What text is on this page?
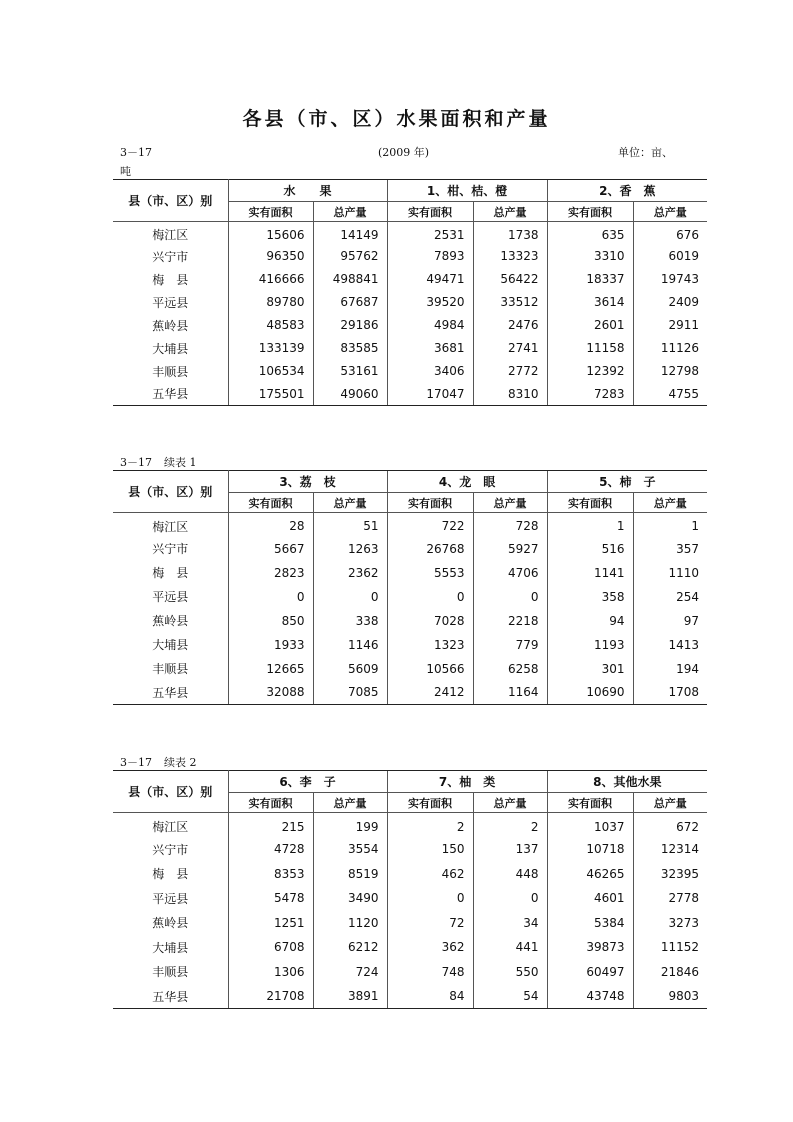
各县（市、区）水果面积和产量
3－17	(2009 年)	单位：亩、
吨
3－17 续表 1
3－17 续表 2
县（市、区）别	水　　果		1、柑、桔、橙		2、香　蕉	
	实有面积	总产量	实有面积	总产量	实有面积	总产量
梅江区	15606	14149	2531	1738	635	676
兴宁市	96350	95762	7893	13323	3310	6019
梅　县	416666	498841	49471	56422	18337	19743
平远县	89780	67687	39520	33512	3614	2409
蕉岭县	48583	29186	4984	2476	2601	2911
大埔县	133139	83585	3681	2741	11158	11126
丰顺县	106534	53161	3406	2772	12392	12798
五华县	175501	49060	17047	8310	7283	4755
县（市、区）别	3、荔　枝		4、龙　眼		5、柿　子	
	实有面积	总产量	实有面积	总产量	实有面积	总产量
梅江区	28	51	722	728	1	1
兴宁市	5667	1263	26768	5927	516	357
梅　县	2823	2362	5553	4706	1141	1110
平远县	0	0	0	0	358	254
蕉岭县	850	338	7028	2218	94	97
大埔县	1933	1146	1323	779	1193	1413
丰顺县	12665	5609	10566	6258	301	194
五华县	32088	7085	2412	1164	10690	1708
县（市、区）别	6、李　子		7、柚　类		8、其他水果	
	实有面积	总产量	实有面积	总产量	实有面积	总产量
梅江区	215	199	2	2	1037	672
兴宁市	4728	3554	150	137	10718	12314
梅　县	8353	8519	462	448	46265	32395
平远县	5478	3490	0	0	4601	2778
蕉岭县	1251	1120	72	34	5384	3273
大埔县	6708	6212	362	441	39873	11152
丰顺县	1306	724	748	550	60497	21846
五华县	21708	3891	84	54	43748	9803
